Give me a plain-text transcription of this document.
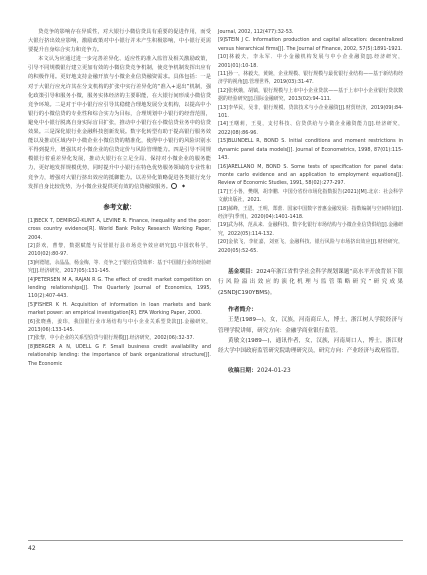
贷竞争的影响存在异质性，对大银行小微信贷具有重要的促进作用，而受大银行挤出效应影响，激励政策对中小银行并未产生积极影响，中小银行更需要提升自身综合实力和竞争力。

本文认为应通过进一步完善差异化、适应性的准入监管及相关激励政策，引导不同规模银行建立更加有效的小微信贷竞争机制，使竞争机制发挥出应有的积极作用。更好地支持金融开放与小微企业信贷融资需求。具体包括：一是对于大银行应允许其在分支机构的扩张中实行差异化的“准入+退出”机制，强化政策引导和服务小微，服务实体经济的主要职能，在大银行间形成小微信贷竞争环境。二是对于中小银行应引导其稳健合理地发展分支机构，以提高中小银行的小微信贷的专业性和综合实力为目标，合理规划中小银行的经营范围，避免中小银行脱离自身实际盲目扩张，推动中小银行在小微信贷业务中的信贷效果。三是深化银行业金融科技创新发展。数字化转型有助于提高银行服务效能以及推动区域内中小微企业小微信贷的精准化，使得中小银行的风险识别水平得到提升，增强其对小微企业的信贷定价与风险管理能力。四是引导不同规模银行着重差异化发展，推动大银行在立足全局、保持对小微企业的服务能力，更好地发挥规模优势，同时提升中小银行在特色优势服务领域的专业性和竞争力，增强对大银行挤出效应的抵御能力。以差异化策略促进各类银行充分发挥自身比较优势，为小微企业提供更有效的信贷融资服务。	◆

参考文献：
[1]BECK T, DEMIRGÜ-KUNT A, LEVINE R. Finance, inequality and the poor: cross country evidence[R]. World Bank Policy Research Working Paper, 2004.
[2]彭欢，曹黎，数据赋能与民营银行县市场竞争效应研究[J].中国软科学，2010(02):80-97.
[3]何德旭，余晶晶，杨金梅，等．竞争之于银行信贷效率：基于中国银行业的经验研究[J].经济研究，2017(05):131-145.
[4]PETERSEN M A, RAJAN R G. The effect of credit market competition on lending relationships[J]. The Quarterly Journal of Economics, 1995, 110(2):407-443.
[5]FISHER K H. Acquisition of information in loan markets and bank market power: an empirical investigation[R]. EFA Working Paper, 2000.
[6]张晓燕，姜玮，我国银行业市场结构与中小企业关系型贷款[J].金融研究，2013(06):133-145.
[7]张黎，中小企业的关系型信贷与银行规模[J].经济研究，2002(06):32-37.
[8]BERGER A N, UDELL G F. Small business credit availability and relationship lending: the importance of bank organizational structure[J]. The Economic
Journal, 2002, 112(477):32-53.
[9]STEIN J C. Information production and capital allocation: decentralized versus hierarchical firms[J]. The Journal of Finance, 2002, 57(5):1891-1921.
[10]林毅夫，李永军．中小金融机构发展与中小企业融资[J].经济研究，2001(01):10-18.
[11]孙一，林毅夫，黄婉，企业规模、银行规模与最优银行业结构——基于新结构经济学的视角[J].管理世界，2019(03):31-47.
[12]张秋娥，胡镇，银行规模与上市中小企业贷款——基于上市中小企业银行贷款数据的经验研究[J].国际金融研究，2013(02):94-111.
[13]李华民，吴非，银行规模、贷款技术与小企业融资[J].财贸经济，2019(09):84-101.
[14]王曙莉，王曼，支付科技、信贷供给与小微企业融资能力[J].经济研究，2022(08):86-96.
[15]BLUNDELL R, BOND S. Initial conditions and moment restrictions in dynamic panel data models[J]. Journal of Econometrics, 1998, 87(01):115-143.
[16]ARELLANO M, BOND S. Some tests of specification for panel data: monte carlo evidence and an application to employment equations[J]. Review of Economic Studies, 1991, 58(02):277-297.
[17]王小鲁，樊纲，胡李鹏．中国分省份市场化指数报告(2021)[M].北京：社会科学文献出版社，2021.
[18]郝峰，王恩，王明，郑蕾．国家中国数字普惠金融发展：指数编制与空间特征[J].经济学(季刊)，2020(04):1401-1418.
[19]武为林，范从来．金融科技、数字化银行市场结构与小微企业信贷供给[J].金融研究，2022(05):114-132.
[20]金依飞，李征嘉，刘亚飞，金融科技、银行风险与市场挤出效应[J].财经研究，2020(05):52-65.
基金项目：2024年浙江省哲学社会科学规划课题“高水平开放背景下银行风险溢出效应的演化机理与监管策略研究”研究成果(25NDJC190YBMS)。
作者简介：

王楚(1989—)，女，汉族，河南商丘人，博士，浙江树人学院经济与管理学院讲师，研究方向：金融学商业银行监管。

黄敏文(1989—)，通讯作者，女，汉族，河南周口人，博士，浙江财经大学中国政府监管研究院助理研究员，研究方向：产业经济与政府监管。

收稿日期：2024-01-23
42
